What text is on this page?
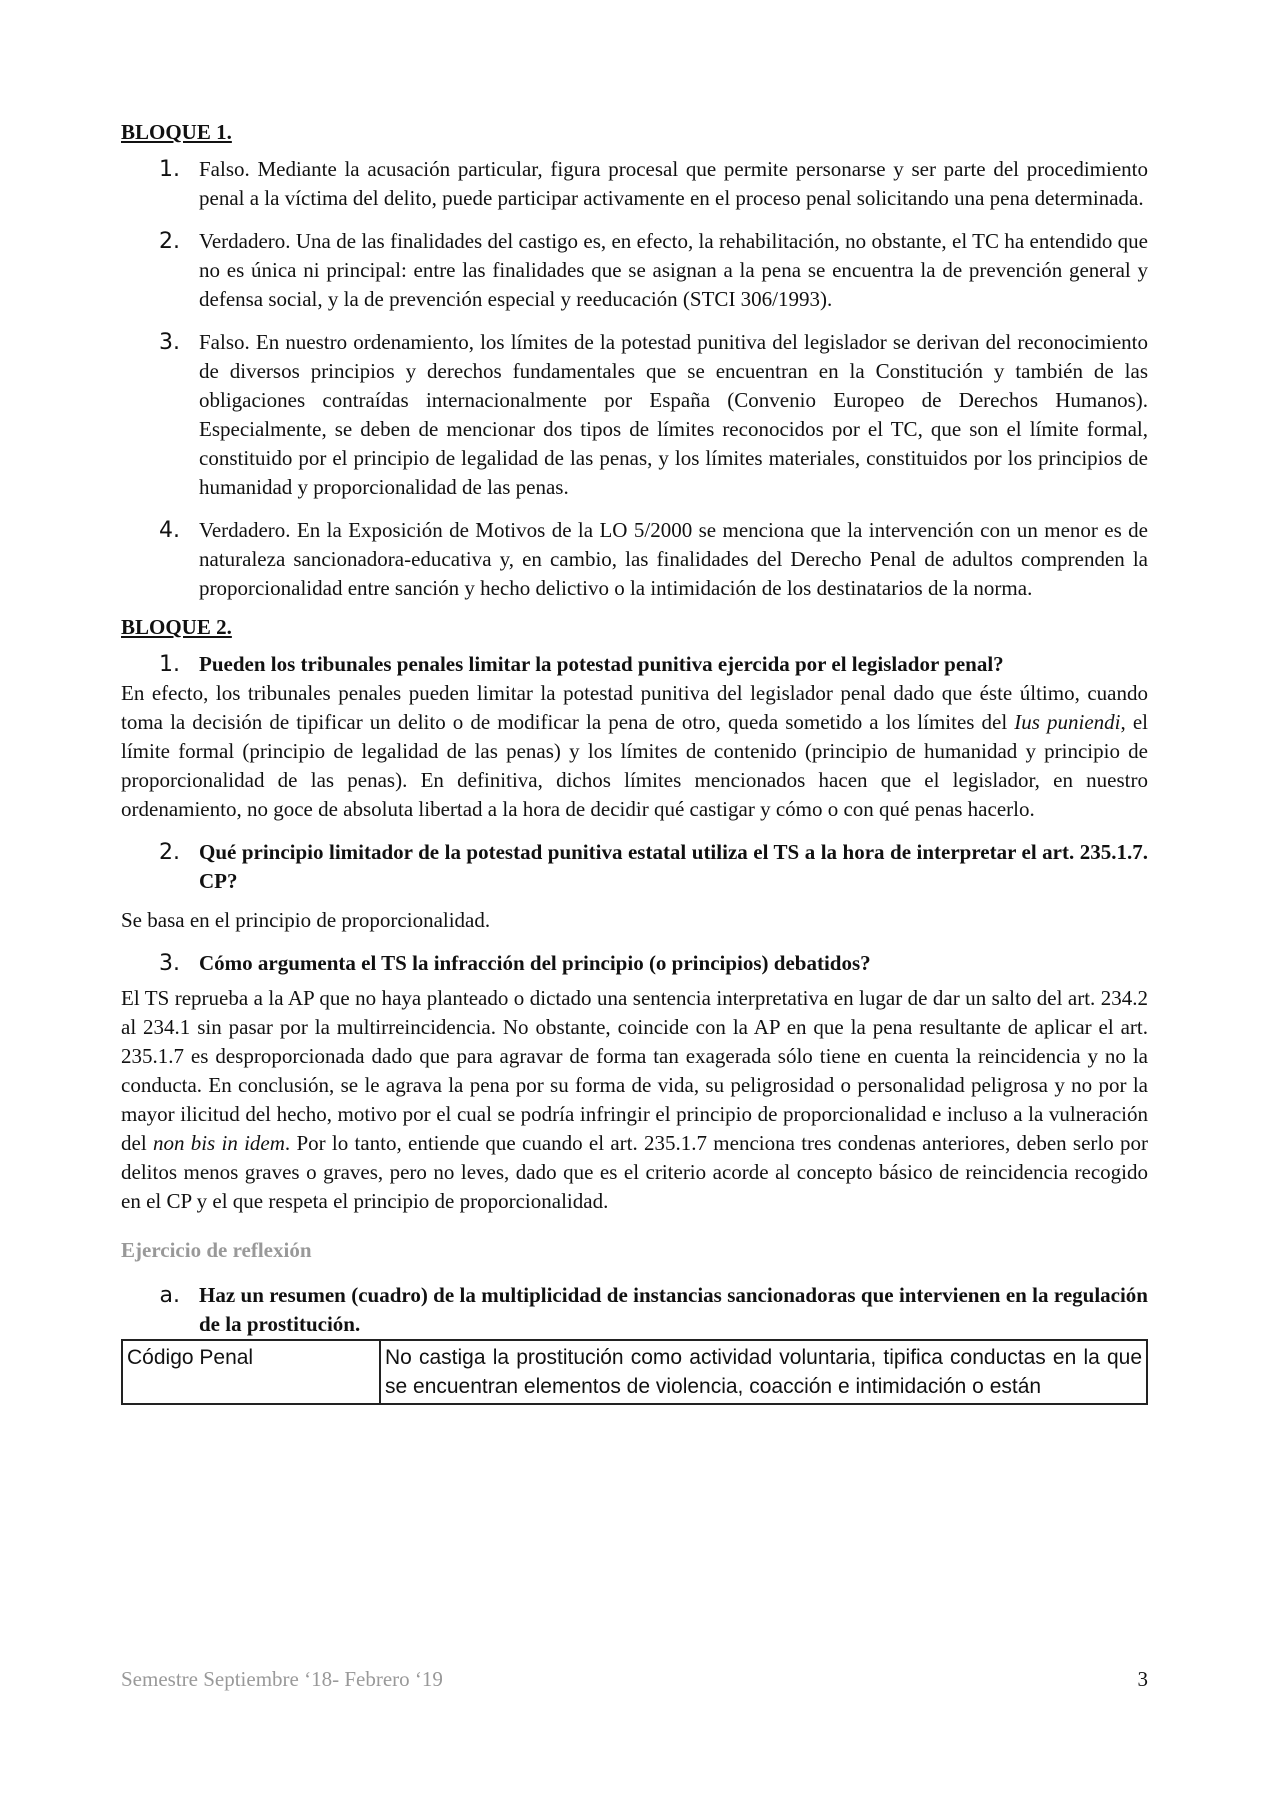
BLOQUE 1.
1. Falso. Mediante la acusación particular, figura procesal que permite personarse y ser parte del procedimiento penal a la víctima del delito, puede participar activamente en el proceso penal solicitando una pena determinada.
2. Verdadero. Una de las finalidades del castigo es, en efecto, la rehabilitación, no obstante, el TC ha entendido que no es única ni principal: entre las finalidades que se asignan a la pena se encuentra la de prevención general y defensa social, y la de prevención especial y reeducación (STCI 306/1993).
3. Falso. En nuestro ordenamiento, los límites de la potestad punitiva del legislador se derivan del reconocimiento de diversos principios y derechos fundamentales que se encuentran en la Constitución y también de las obligaciones contraídas internacionalmente por España (Convenio Europeo de Derechos Humanos). Especialmente, se deben de mencionar dos tipos de límites reconocidos por el TC, que son el límite formal, constituido por el principio de legalidad de las penas, y los límites materiales, constituidos por los principios de humanidad y proporcionalidad de las penas.
4. Verdadero. En la Exposición de Motivos de la LO 5/2000 se menciona que la intervención con un menor es de naturaleza sancionadora-educativa y, en cambio, las finalidades del Derecho Penal de adultos comprenden la proporcionalidad entre sanción y hecho delictivo o la intimidación de los destinatarios de la norma.
BLOQUE 2.
1. Pueden los tribunales penales limitar la potestad punitiva ejercida por el legislador penal?

En efecto, los tribunales penales pueden limitar la potestad punitiva del legislador penal dado que éste último, cuando toma la decisión de tipificar un delito o de modificar la pena de otro, queda sometido a los límites del Ius puniendi, el límite formal (principio de legalidad de las penas) y los límites de contenido (principio de humanidad y principio de proporcionalidad de las penas). En definitiva, dichos límites mencionados hacen que el legislador, en nuestro ordenamiento, no goce de absoluta libertad a la hora de decidir qué castigar y cómo o con qué penas hacerlo.

2. Qué principio limitador de la potestad punitiva estatal utiliza el TS a la hora de interpretar el art. 235.1.7. CP?

Se basa en el principio de proporcionalidad.

3. Cómo argumenta el TS la infracción del principio (o principios) debatidos?

El TS reprueba a la AP que no haya planteado o dictado una sentencia interpretativa en lugar de dar un salto del art. 234.2 al 234.1 sin pasar por la multirreincidencia. No obstante, coincide con la AP en que la pena resultante de aplicar el art. 235.1.7 es desproporcionada dado que para agravar de forma tan exagerada sólo tiene en cuenta la reincidencia y no la conducta. En conclusión, se le agrava la pena por su forma de vida, su peligrosidad o personalidad peligrosa y no por la mayor ilicitud del hecho, motivo por el cual se podría infringir el principio de proporcionalidad e incluso a la vulneración del non bis in idem. Por lo tanto, entiende que cuando el art. 235.1.7 menciona tres condenas anteriores, deben serlo por delitos menos graves o graves, pero no leves, dado que es el criterio acorde al concepto básico de reincidencia recogido en el CP y el que respeta el principio de proporcionalidad.

Ejercicio de reflexión
a. Haz un resumen (cuadro) de la multiplicidad de instancias sancionadoras que intervienen en la regulación de la prostitución.
Código Penal	No castiga la prostitución como actividad voluntaria, tipifica conductas en la que se encuentran elementos de violencia, coacción e intimidación o están
Semestre Septiembre ‘18- Febrero ‘19	3
